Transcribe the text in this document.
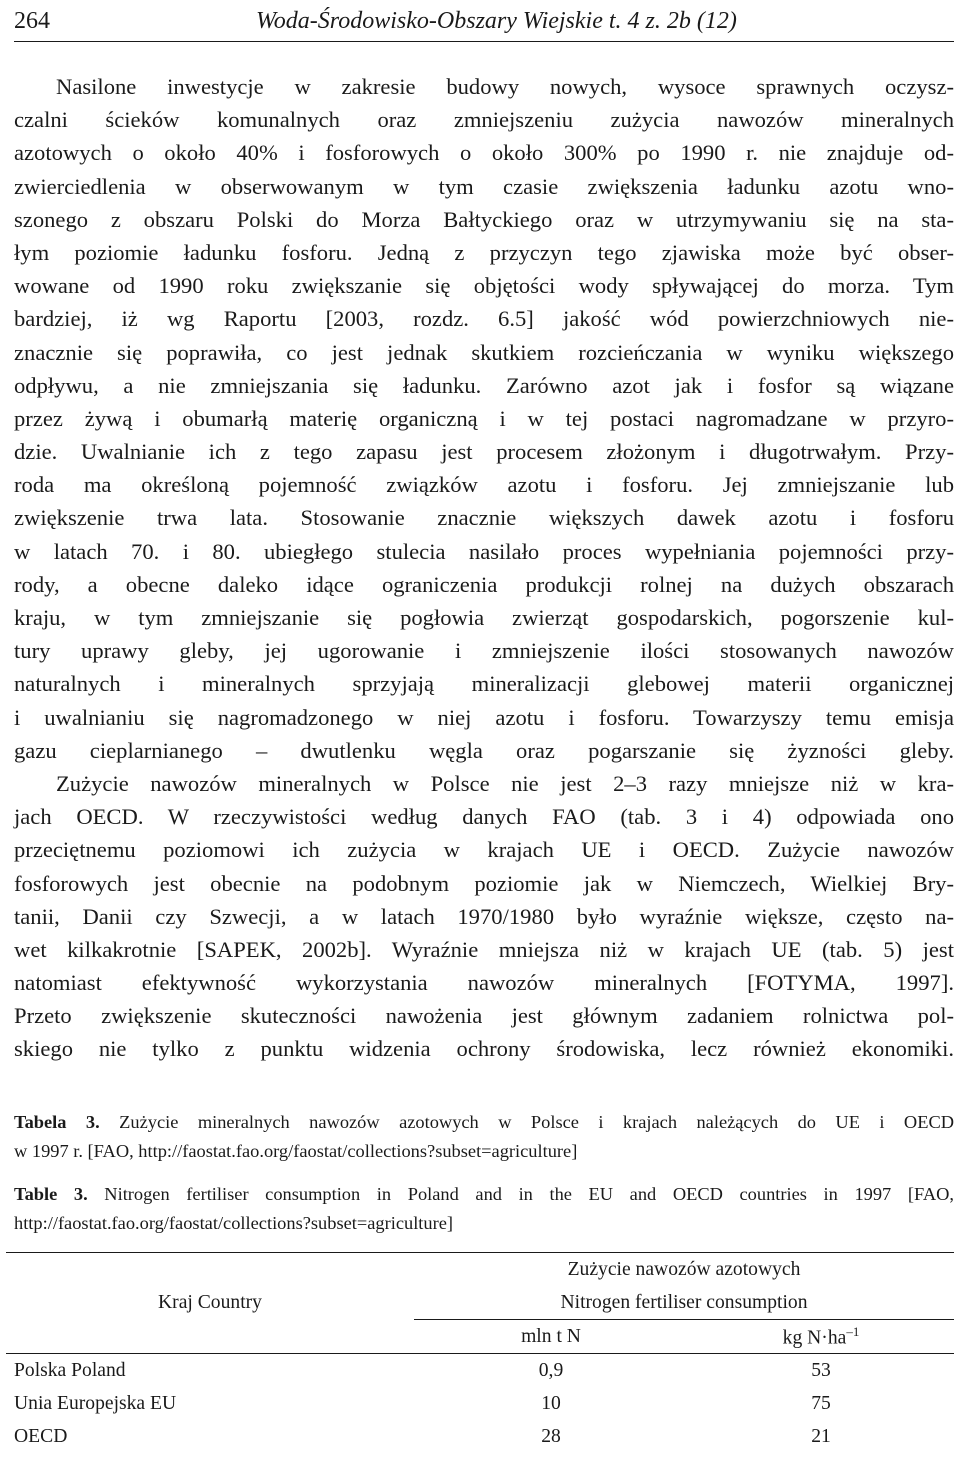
264	Woda-Środowisko-Obszary Wiejskie t. 4 z. 2b (12)
Nasilone inwestycje w zakresie budowy nowych, wysoce sprawnych oczysz-
czalni ścieków komunalnych oraz zmniejszeniu zużycia nawozów mineralnych
azotowych o około 40% i fosforowych o około 300% po 1990 r. nie znajduje od-
zwierciedlenia w obserwowanym w tym czasie zwiększenia ładunku azotu wno-
szonego z obszaru Polski do Morza Bałtyckiego oraz w utrzymywaniu się na sta-
łym poziomie ładunku fosforu. Jedną z przyczyn tego zjawiska może być obser-
wowane od 1990 roku zwiększanie się objętości wody spływającej do morza. Tym
bardziej, iż wg Raportu [2003, rozdz. 6.5] jakość wód powierzchniowych nie-
znacznie się poprawiła, co jest jednak skutkiem rozcieńczania w wyniku większego
odpływu, a nie zmniejszania się ładunku. Zarówno azot jak i fosfor są wiązane
przez żywą i obumarłą materię organiczną i w tej postaci nagromadzane w przyro-
dzie. Uwalnianie ich z tego zapasu jest procesem złożonym i długotrwałym. Przy-
roda ma określoną pojemność związków azotu i fosforu. Jej zmniejszanie lub
zwiększenie trwa lata. Stosowanie znacznie większych dawek azotu i fosforu
w latach 70. i 80. ubiegłego stulecia nasilało proces wypełniania pojemności przy-
rody, a obecne daleko idące ograniczenia produkcji rolnej na dużych obszarach
kraju, w tym zmniejszanie się pogłowia zwierząt gospodarskich, pogorszenie kul-
tury uprawy gleby, jej ugorowanie i zmniejszenie ilości stosowanych nawozów
naturalnych i mineralnych sprzyjają mineralizacji glebowej materii organicznej
i uwalnianiu się nagromadzonego w niej azotu i fosforu. Towarzyszy temu emisja
gazu cieplarnianego – dwutlenku węgla oraz pogarszanie się żyzności gleby.
Zużycie nawozów mineralnych w Polsce nie jest 2–3 razy mniejsze niż w kra-
jach OECD. W rzeczywistości według danych FAO (tab. 3 i 4) odpowiada ono
przeciętnemu poziomowi ich zużycia w krajach UE i OECD. Zużycie nawozów
fosforowych jest obecnie na podobnym poziomie jak w Niemczech, Wielkiej Bry-
tanii, Danii czy Szwecji, a w latach 1970/1980 było wyraźnie większe, często na-
wet kilkakrotnie [SAPEK, 2002b]. Wyraźnie mniejsza niż w krajach UE (tab. 5) jest
natomiast efektywność wykorzystania nawozów mineralnych [FOTYMA, 1997].
Przeto zwiększenie skuteczności nawożenia jest głównym zadaniem rolnictwa pol-
skiego nie tylko z punktu widzenia ochrony środowiska, lecz również ekonomiki.
Tabela 3. Zużycie mineralnych nawozów azotowych w Polsce i krajach należących do UE i OECD
w 1997 r. [FAO, http://faostat.fao.org/faostat/collections?subset=agriculture]
Table 3. Nitrogen fertiliser consumption in Poland and in the EU and OECD countries in 1997 [FAO,
http://faostat.fao.org/faostat/collections?subset=agriculture]
Kraj Country	Zużycie nawozów azotowych	
	Nitrogen fertiliser consumption	
	mln t N	kg $N\cdot ha^{-1}$
Polska Poland	0,9	53
Unia Europejska EU	10	75
OECD	28	21
